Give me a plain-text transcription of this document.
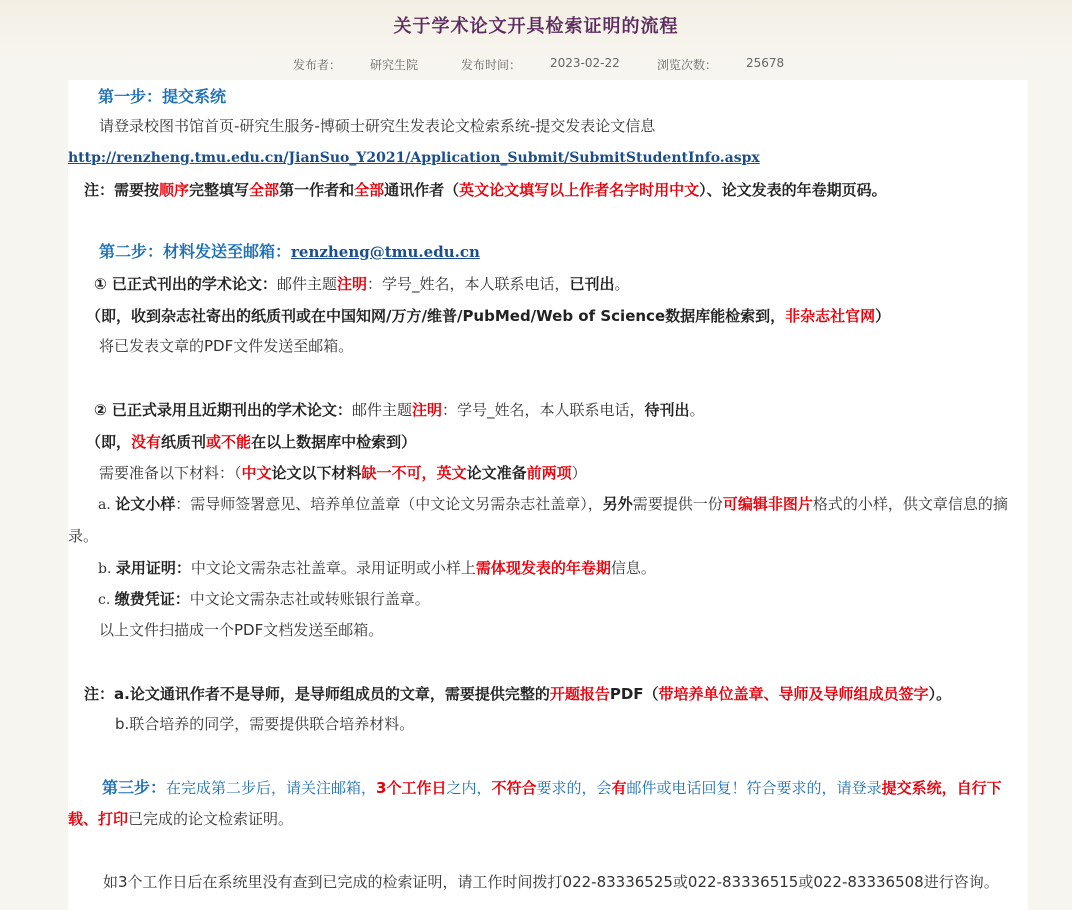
关于学术论文开具检索证明的流程
发布者： 研究生院	发布时间： 2023-02-22	浏览次数： 25678
第一步：提交系统
请登录校图书馆首页-研究生服务-博硕士研究生发表论文检索系统-提交发表论文信息
http://renzheng.tmu.edu.cn/JianSuo_Y2021/Application_Submit/SubmitStudentInfo.aspx
注：需要按顺序完整填写全部第一作者和全部通讯作者（英文论文填写以上作者名字时用中文）、论文发表的年卷期页码。
第二步：材料发送至邮箱：renzheng@tmu.edu.cn
① 已正式刊出的学术论文：邮件主题注明：学号_姓名，本人联系电话，已刊出。
（即，收到杂志社寄出的纸质刊或在中国知网/万方/维普/PubMed/Web of Science数据库能检索到，非杂志社官网）
将已发表文章的PDF文件发送至邮箱。
② 已正式录用且近期刊出的学术论文：邮件主题注明：学号_姓名，本人联系电话，待刊出。
（即，没有纸质刊或不能在以上数据库中检索到）
需要准备以下材料：（中文论文以下材料缺一不可，英文论文准备前两项）
a. 论文小样：需导师签署意见、培养单位盖章（中文论文另需杂志社盖章），另外需要提供一份可编辑非图片格式的小样，供文章信息的摘录。
b. 录用证明：中文论文需杂志社盖章。录用证明或小样上需体现发表的年卷期信息。
c. 缴费凭证：中文论文需杂志社或转账银行盖章。
以上文件扫描成一个PDF文档发送至邮箱。
注：a.论文通讯作者不是导师，是导师组成员的文章，需要提供完整的开题报告PDF（带培养单位盖章、导师及导师组成员签字）。
b.联合培养的同学，需要提供联合培养材料。
第三步：在完成第二步后，请关注邮箱，3个工作日之内，不符合要求的，会有邮件或电话回复！符合要求的，请登录提交系统，自行下载、打印已完成的论文检索证明。
如3个工作日后在系统里没有查到已完成的检索证明，请工作时间拨打022-83336525或022-83336515或022-83336508进行咨询。
